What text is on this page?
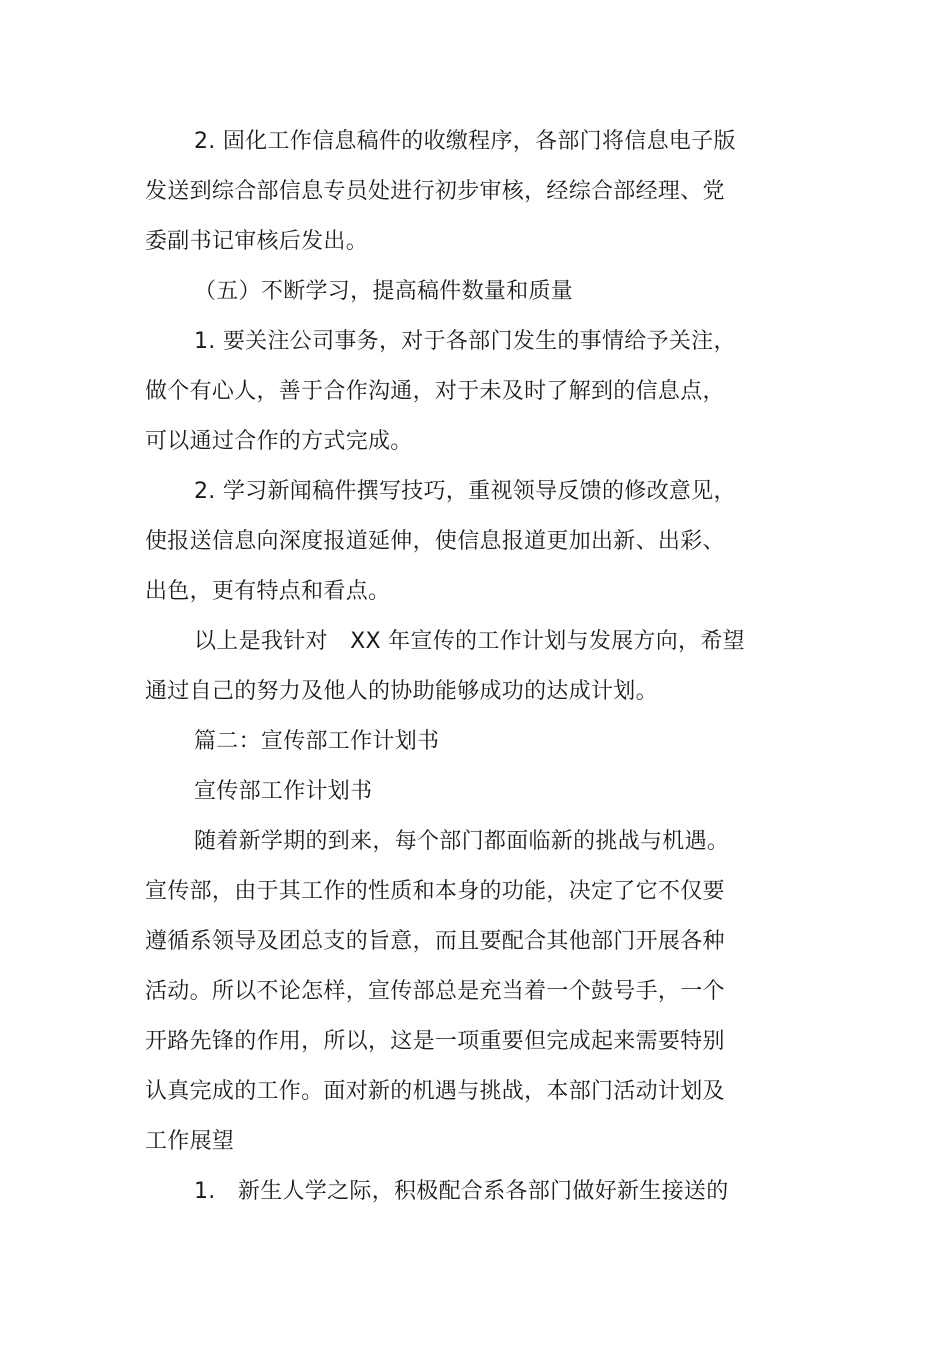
2. 固化工作信息稿件的收缴程序，各部门将信息电子版
发送到综合部信息专员处进行初步审核，经综合部经理、党
委副书记审核后发出。
（五）不断学习，提高稿件数量和质量
1. 要关注公司事务，对于各部门发生的事情给予关注，
做个有心人，善于合作沟通，对于未及时了解到的信息点，
可以通过合作的方式完成。
2. 学习新闻稿件撰写技巧，重视领导反馈的修改意见，
使报送信息向深度报道延伸，使信息报道更加出新、出彩、
出色，更有特点和看点。
以上是我针对　XX 年宣传的工作计划与发展方向，希望
通过自己的努力及他人的协助能够成功的达成计划。
篇二：宣传部工作计划书
宣传部工作计划书
随着新学期的到来，每个部门都面临新的挑战与机遇。
宣传部，由于其工作的性质和本身的功能，决定了它不仅要
遵循系领导及团总支的旨意，而且要配合其他部门开展各种
活动。所以不论怎样，宣传部总是充当着一个鼓号手，一个
开路先锋的作用，所以，这是一项重要但完成起来需要特别
认真完成的工作。面对新的机遇与挑战，本部门活动计划及
工作展望
1.　新生人学之际，积极配合系各部门做好新生接送的
